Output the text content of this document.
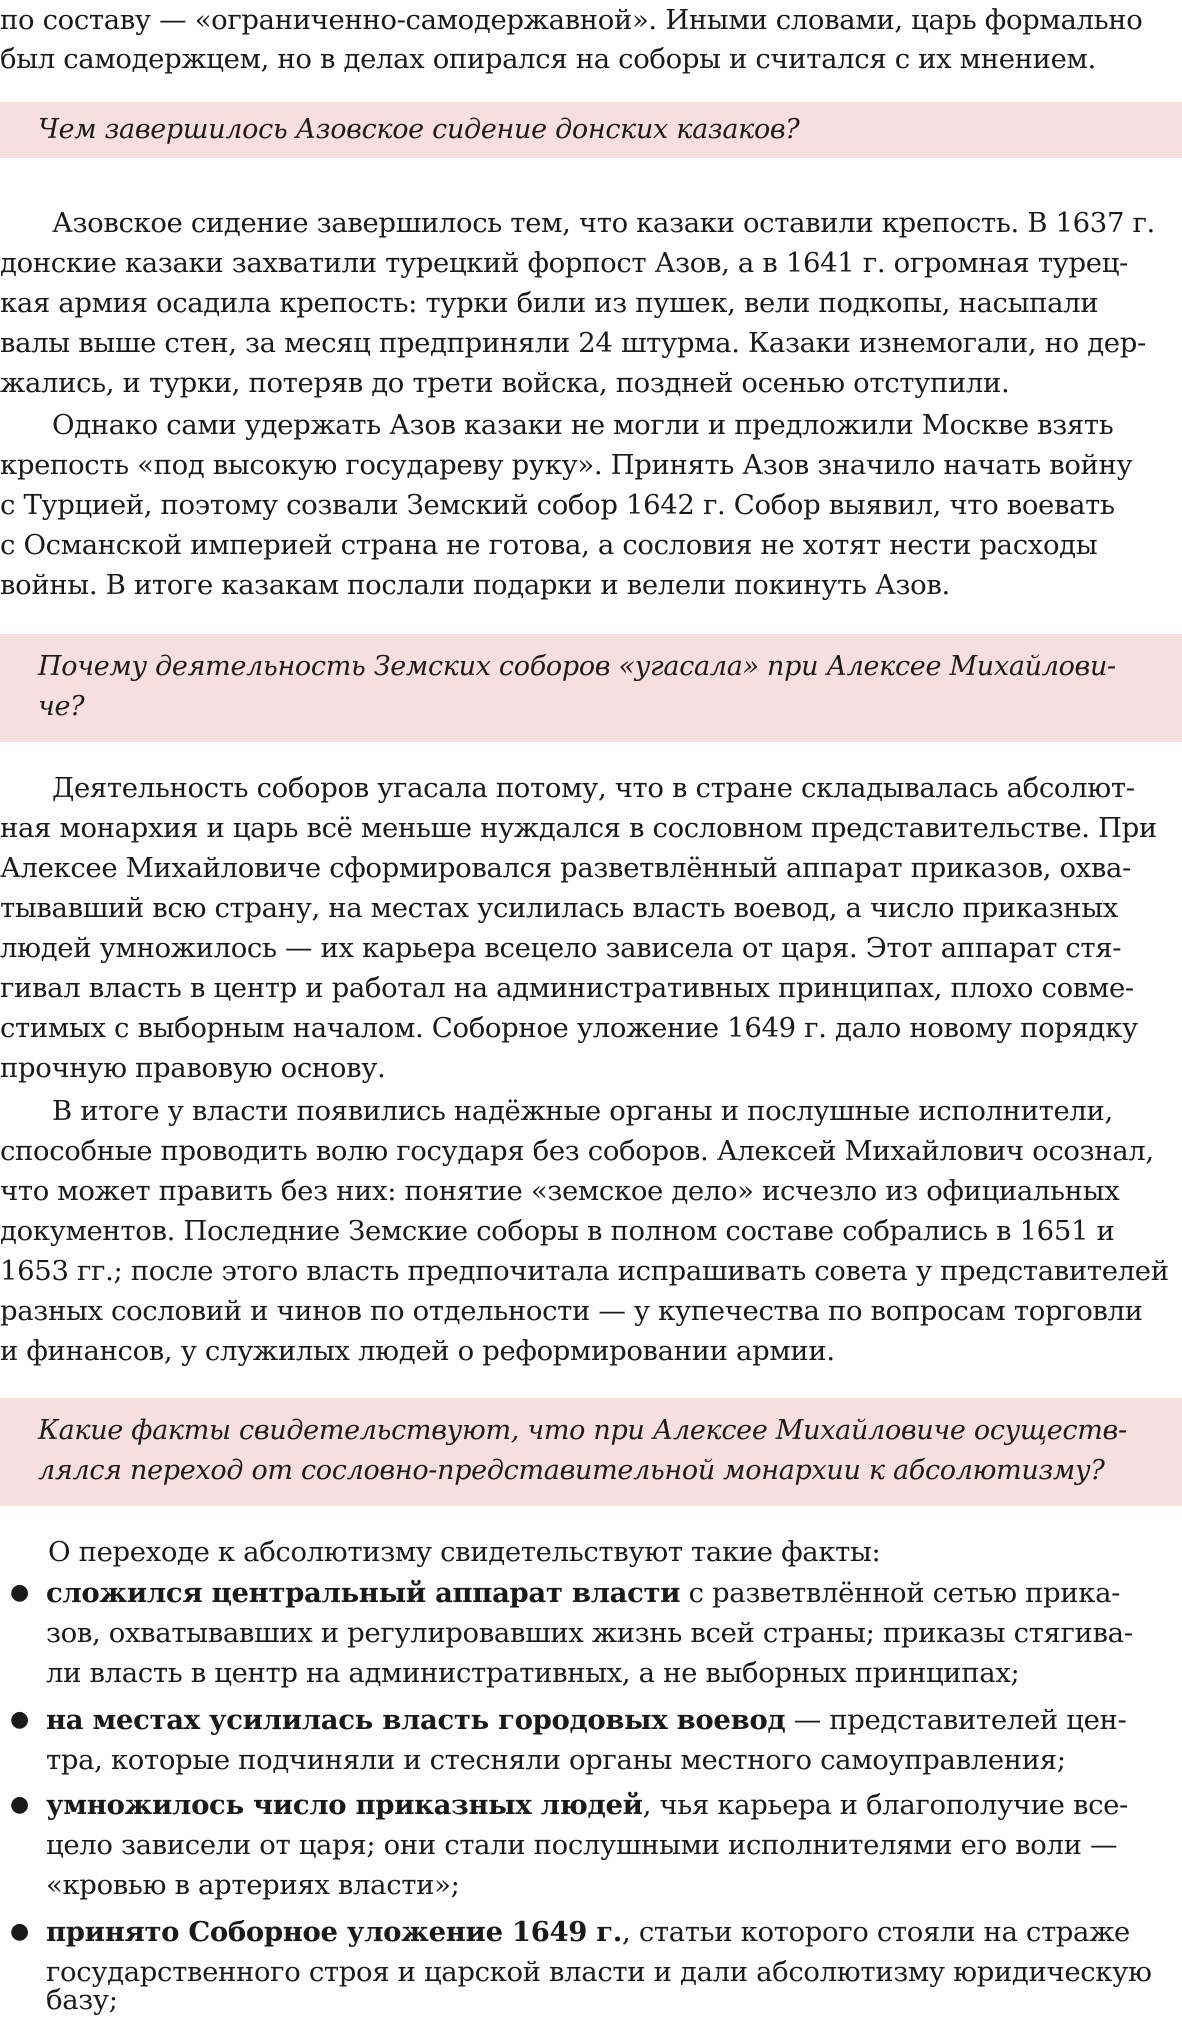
по составу — «ограниченно-самодержавной». Иными словами, царь формально
был самодержцем, но в делах опирался на соборы и считался с их мнением.
Чем завершилось Азовское сидение донских казаков?
Азовское сидение завершилось тем, что казаки оставили крепость. В 1637 г.
донские казаки захватили турецкий форпост Азов, а в 1641 г. огромная турец-
кая армия осадила крепость: турки били из пушек, вели подкопы, насыпали
валы выше стен, за месяц предприняли 24 штурма. Казаки изнемогали, но дер-
жались, и турки, потеряв до трети войска, поздней осенью отступили.
Однако сами удержать Азов казаки не могли и предложили Москве взять
крепость «под высокую государеву руку». Принять Азов значило начать войну
с Турцией, поэтому созвали Земский собор 1642 г. Собор выявил, что воевать
с Османской империей страна не готова, а сословия не хотят нести расходы
войны. В итоге казакам послали подарки и велели покинуть Азов.
Почему деятельность Земских соборов «угасала» при Алексее Михайлови-
че?
Деятельность соборов угасала потому, что в стране складывалась абсолют-
ная монархия и царь всё меньше нуждался в сословном представительстве. При
Алексее Михайловиче сформировался разветвлённый аппарат приказов, охва-
тывавший всю страну, на местах усилилась власть воевод, а число приказных
людей умножилось — их карьера всецело зависела от царя. Этот аппарат стя-
гивал власть в центр и работал на административных принципах, плохо совме-
стимых с выборным началом. Соборное уложение 1649 г. дало новому порядку
прочную правовую основу.
В итоге у власти появились надёжные органы и послушные исполнители,
способные проводить волю государя без соборов. Алексей Михайлович осознал,
что может править без них: понятие «земское дело» исчезло из официальных
документов. Последние Земские соборы в полном составе собрались в 1651 и
1653 гг.; после этого власть предпочитала испрашивать совета у представителей
разных сословий и чинов по отдельности — у купечества по вопросам торговли
и финансов, у служилых людей о реформировании армии.
Какие факты свидетельствуют, что при Алексее Михайловиче осуществ-
лялся переход от сословно-представительной монархии к абсолютизму?
О переходе к абсолютизму свидетельствуют такие факты:
● сложился центральный аппарат власти с разветвлённой сетью прика-
зов, охватывавших и регулировавших жизнь всей страны; приказы стягива-
ли власть в центр на административных, а не выборных принципах;
● на местах усилилась власть городовых воевод — представителей цен-
тра, которые подчиняли и стесняли органы местного самоуправления;
● умножилось число приказных людей, чья карьера и благополучие все-
цело зависели от царя; они стали послушными исполнителями его воли —
«кровью в артериях власти»;
● принято Соборное уложение 1649 г., статьи которого стояли на страже
государственного строя и царской власти и дали абсолютизму юридическую
базу;
